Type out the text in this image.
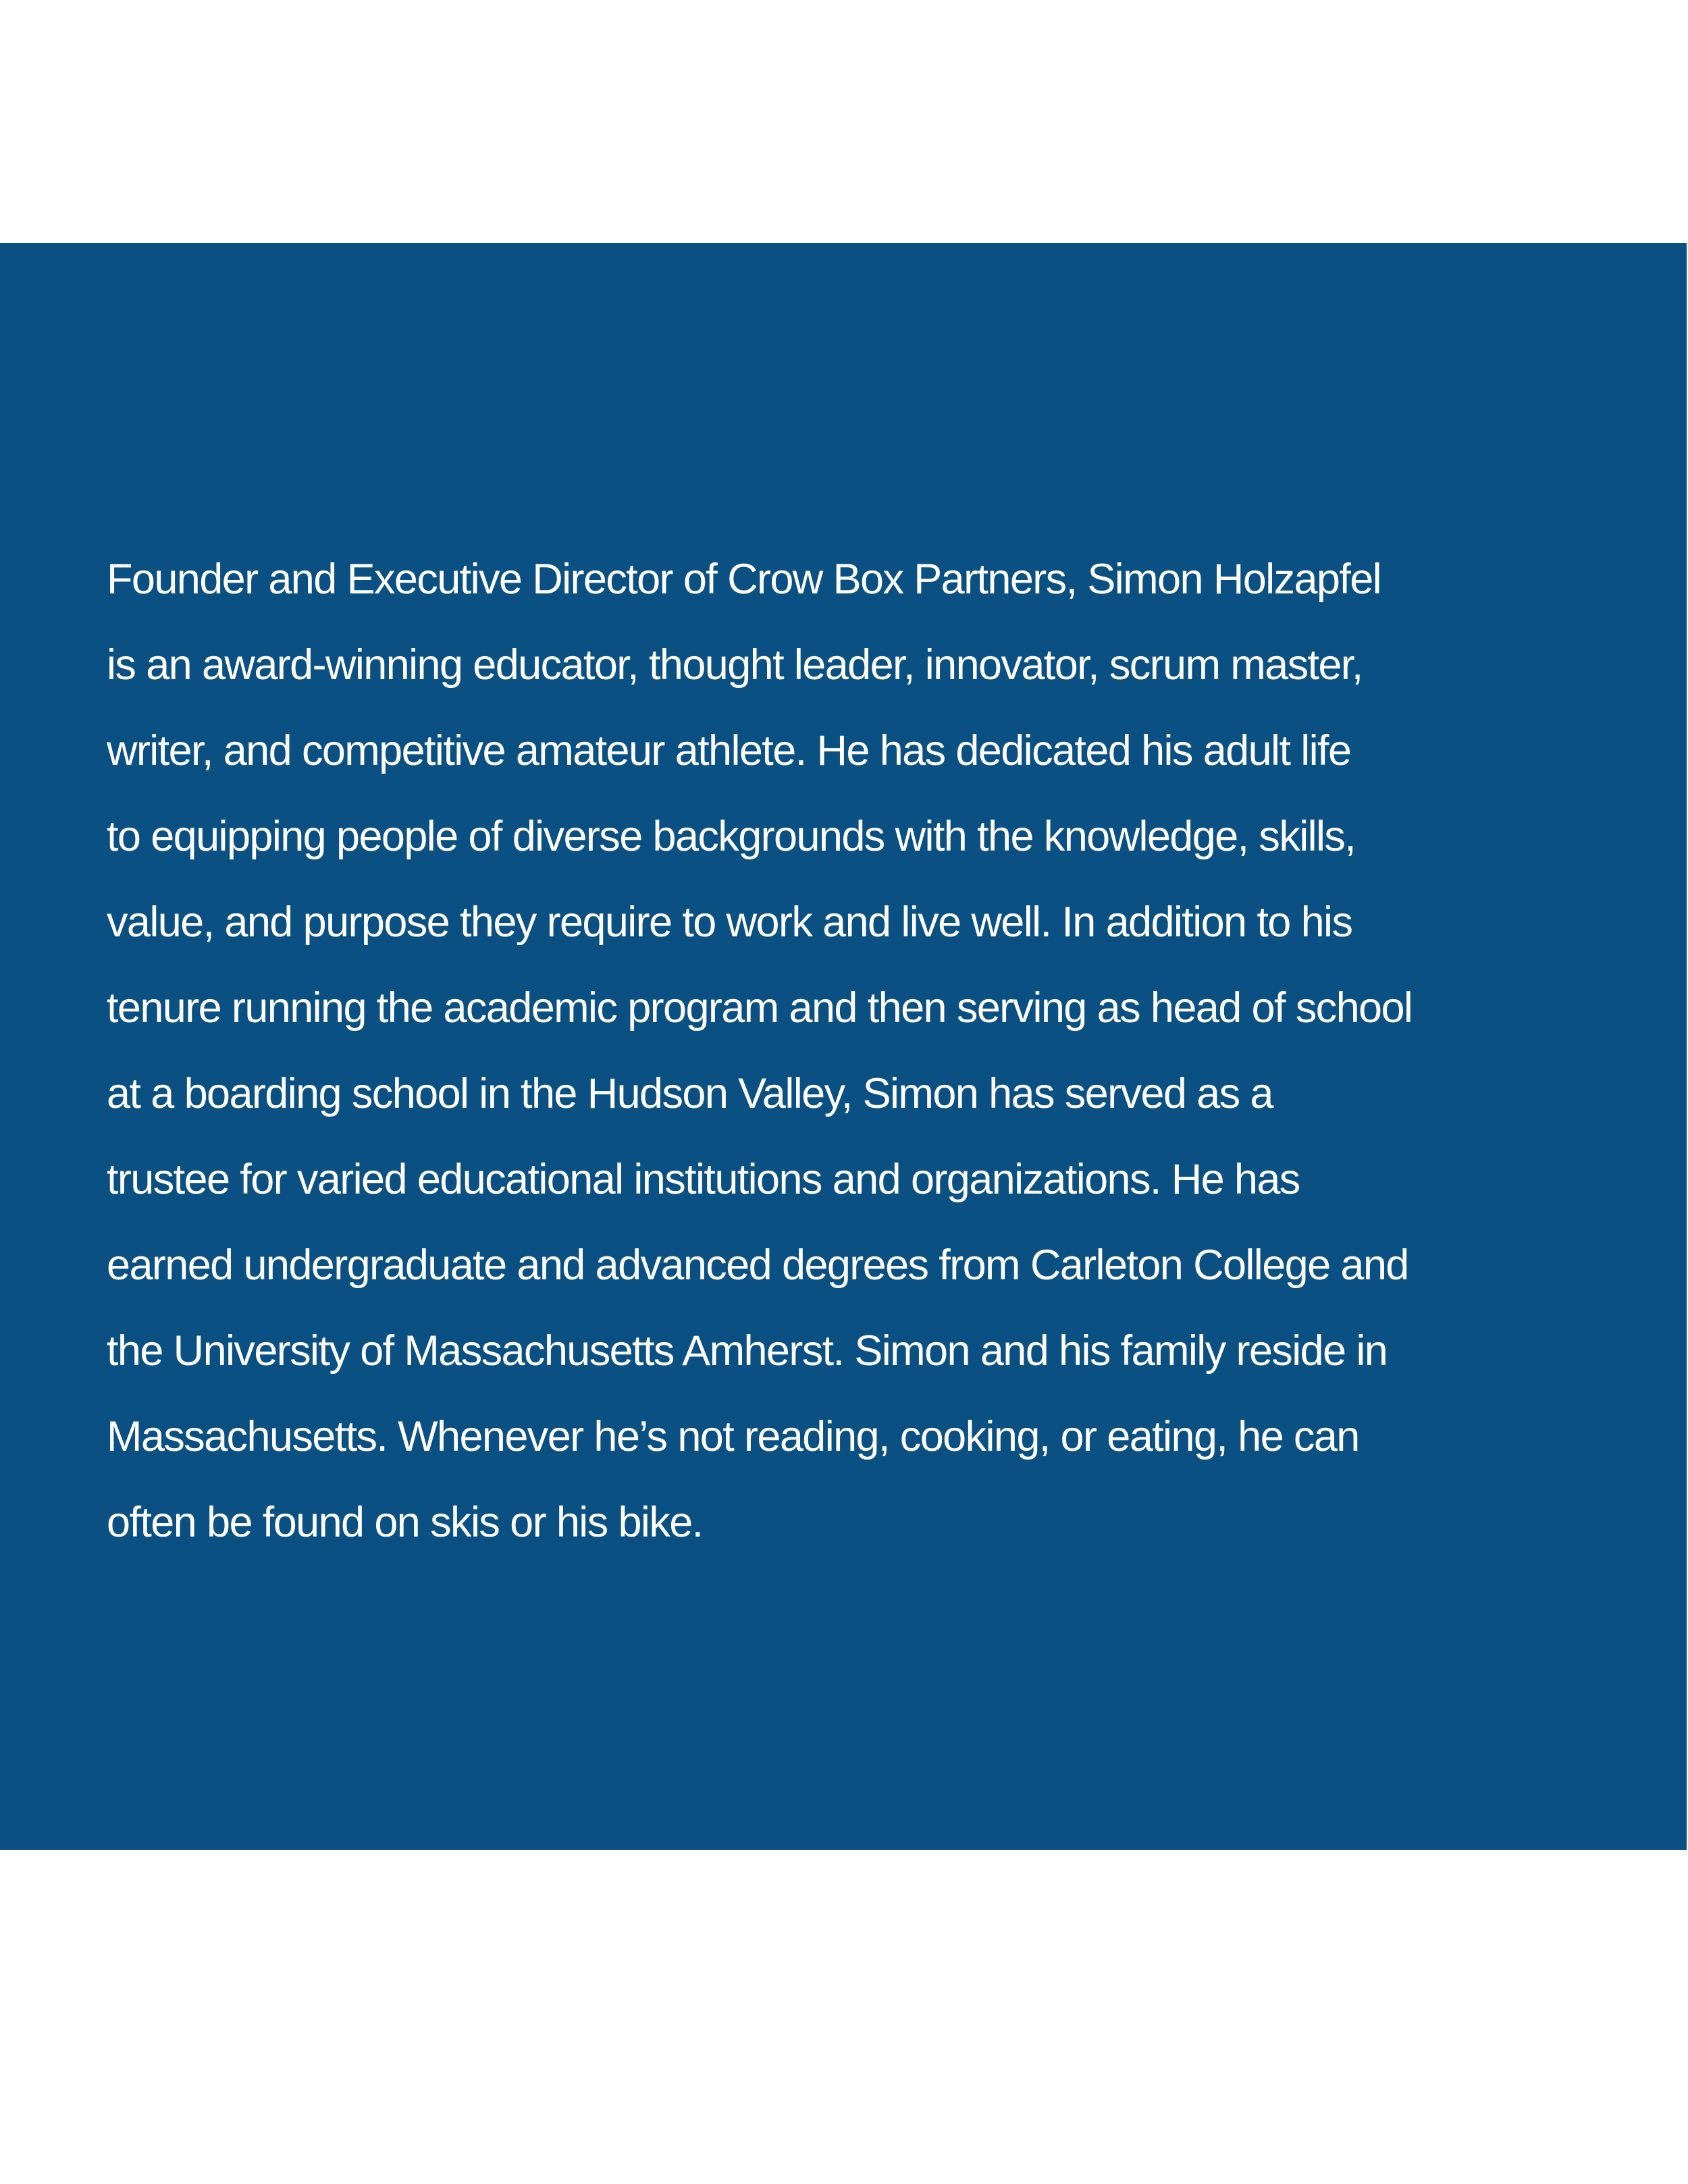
Founder and Executive Director of Crow Box Partners, Simon Holzapfel
is an award-winning educator, thought leader, innovator, scrum master,
writer, and competitive amateur athlete. He has dedicated his adult life
to equipping people of diverse backgrounds with the knowledge, skills,
value, and purpose they require to work and live well. In addition to his
tenure running the academic program and then serving as head of school
at a boarding school in the Hudson Valley, Simon has served as a
trustee for varied educational institutions and organizations. He has
earned undergraduate and advanced degrees from Carleton College and
the University of Massachusetts Amherst. Simon and his family reside in
Massachusetts. Whenever he’s not reading, cooking, or eating, he can
often be found on skis or his bike.
